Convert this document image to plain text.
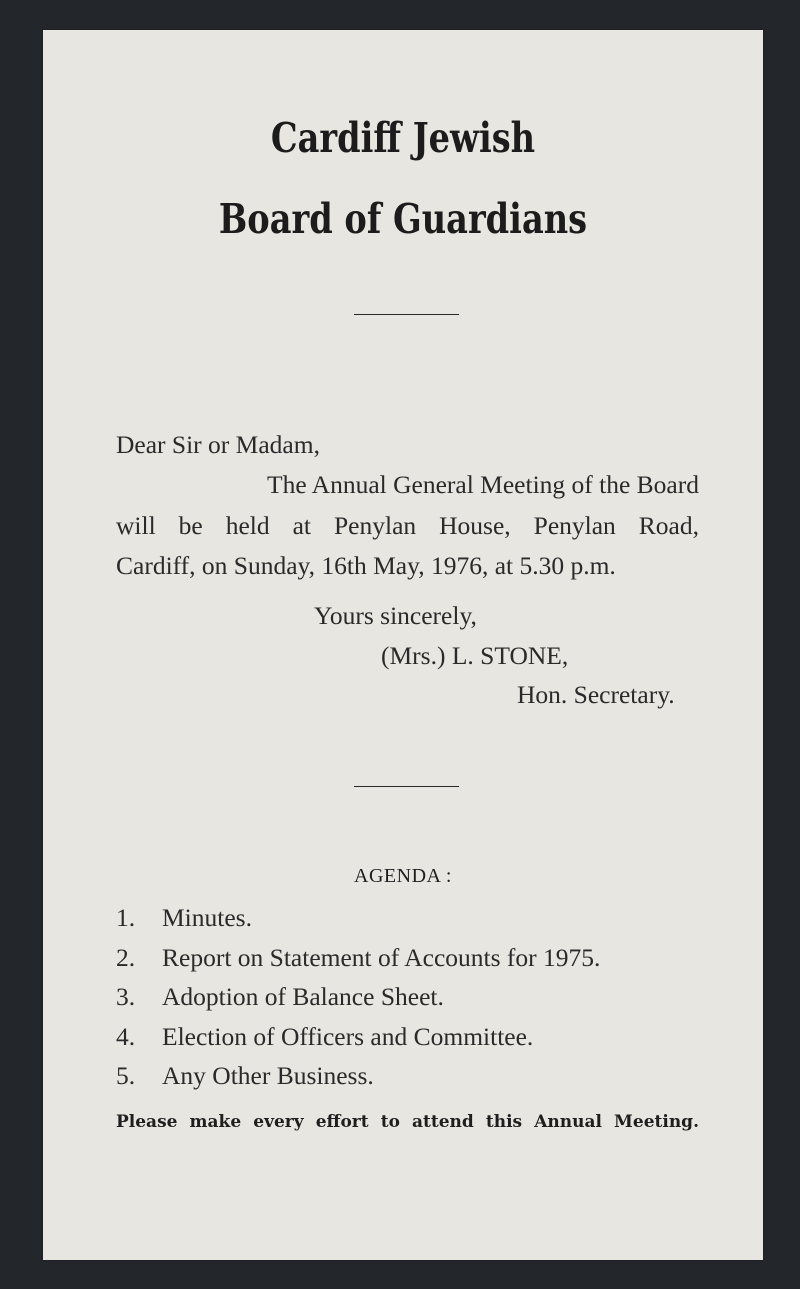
Cardiff Jewish
Board of Guardians
Dear Sir or Madam,
The Annual General Meeting of the Board
will be held at Penylan House, Penylan Road,
Cardiff, on Sunday, 16th May, 1976, at 5.30 p.m.
Yours sincerely,
(Mrs.) L. STONE,
Hon. Secretary.
AGENDA :
1. Minutes.
2. Report on Statement of Accounts for 1975.
3. Adoption of Balance Sheet.
4. Election of Officers and Committee.
5. Any Other Business.
Please make every effort to attend this Annual Meeting.
